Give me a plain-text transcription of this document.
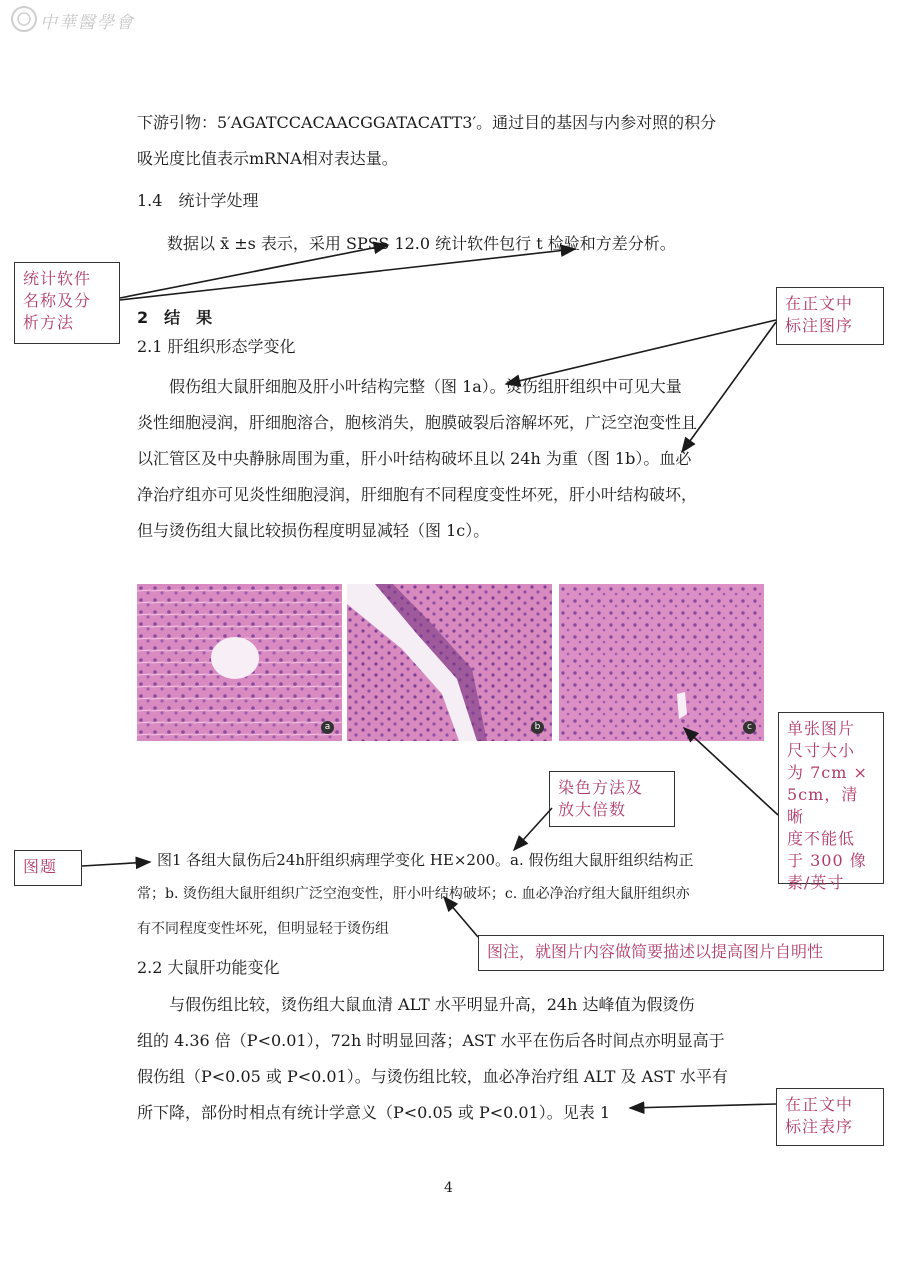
中華醫學會
下游引物：5′AGATCCACAACGGATACATT3′。通过目的基因与内参对照的积分
吸光度比值表示mRNA相对表达量。
1.4　统计学处理
数据以 x̄ ±s 表示，采用 SPSS 12.0 统计软件包行 t 检验和方差分析。
2　结　果
2.1 肝组织形态学变化
假伤组大鼠肝细胞及肝小叶结构完整（图 1a）。烫伤组肝组织中可见大量
炎性细胞浸润，肝细胞溶合，胞核消失，胞膜破裂后溶解坏死，广泛空泡变性且
以汇管区及中央静脉周围为重，肝小叶结构破坏且以 24h 为重（图 1b）。血必
净治疗组亦可见炎性细胞浸润，肝细胞有不同程度变性坏死，肝小叶结构破坏，
但与烫伤组大鼠比较损伤程度明显减轻（图 1c）。
a	b	c
图1 各组大鼠伤后24h肝组织病理学变化 HE×200。a. 假伤组大鼠肝组织结构正
常；b. 烫伤组大鼠肝组织广泛空泡变性，肝小叶结构破坏；c. 血必净治疗组大鼠肝组织亦
有不同程度变性坏死，但明显轻于烫伤组
2.2 大鼠肝功能变化
与假伤组比较，烫伤组大鼠血清 ALT 水平明显升高，24h 达峰值为假烫伤
组的 4.36 倍（P<0.01），72h 时明显回落；AST 水平在伤后各时间点亦明显高于
假伤组（P<0.05 或 P<0.01）。与烫伤组比较，血必净治疗组 ALT 及 AST 水平有
所下降，部份时相点有统计学意义（P<0.05 或 P<0.01）。见表 1
4
统计软件
名称及分
析方法
在正文中
标注图序
染色方法及
放大倍数
单张图片
尺寸大小
为 7cm ×
5cm，清晰
度不能低
于 300 像
素/英寸
图题
图注，就图片内容做简要描述以提高图片自明性
在正文中
标注表序
